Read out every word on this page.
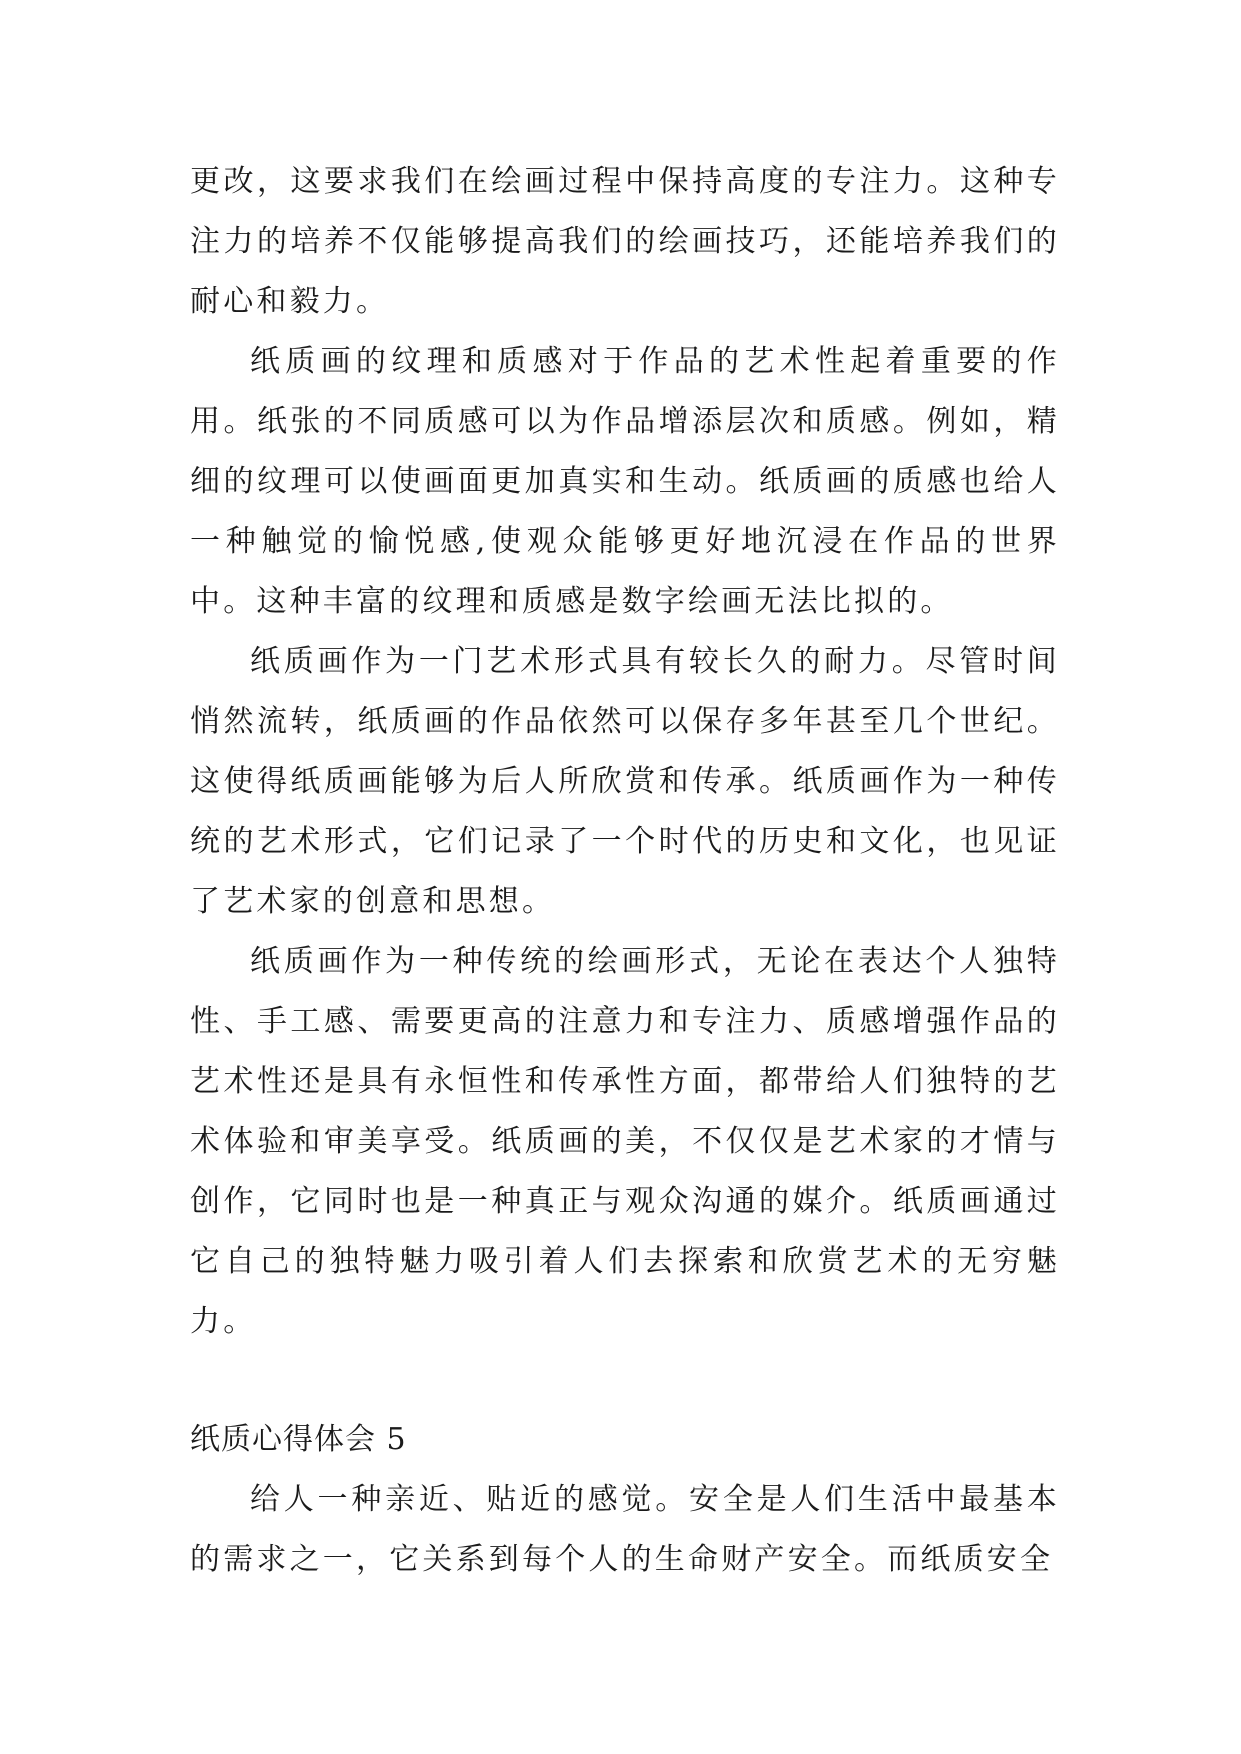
更改，这要求我们在绘画过程中保持高度的专注力。这种专注力的培养不仅能够提高我们的绘画技巧，还能培养我们的耐心和毅力。

纸质画的纹理和质感对于作品的艺术性起着重要的作用。纸张的不同质感可以为作品增添层次和质感。例如，精细的纹理可以使画面更加真实和生动。纸质画的质感也给人一种触觉的愉悦感,使观众能够更好地沉浸在作品的世界中。这种丰富的纹理和质感是数字绘画无法比拟的。

纸质画作为一门艺术形式具有较长久的耐力。尽管时间悄然流转，纸质画的作品依然可以保存多年甚至几个世纪。这使得纸质画能够为后人所欣赏和传承。纸质画作为一种传统的艺术形式，它们记录了一个时代的历史和文化，也见证了艺术家的创意和思想。

纸质画作为一种传统的绘画形式，无论在表达个人独特性、手工感、需要更高的注意力和专注力、质感增强作品的艺术性还是具有永恒性和传承性方面，都带给人们独特的艺术体验和审美享受。纸质画的美，不仅仅是艺术家的才情与创作，它同时也是一种真正与观众沟通的媒介。纸质画通过它自己的独特魅力吸引着人们去探索和欣赏艺术的无穷魅力。

纸质心得体会 5

给人一种亲近、贴近的感觉。安全是人们生活中最基本的需求之一，它关系到每个人的生命财产安全。而纸质安全
